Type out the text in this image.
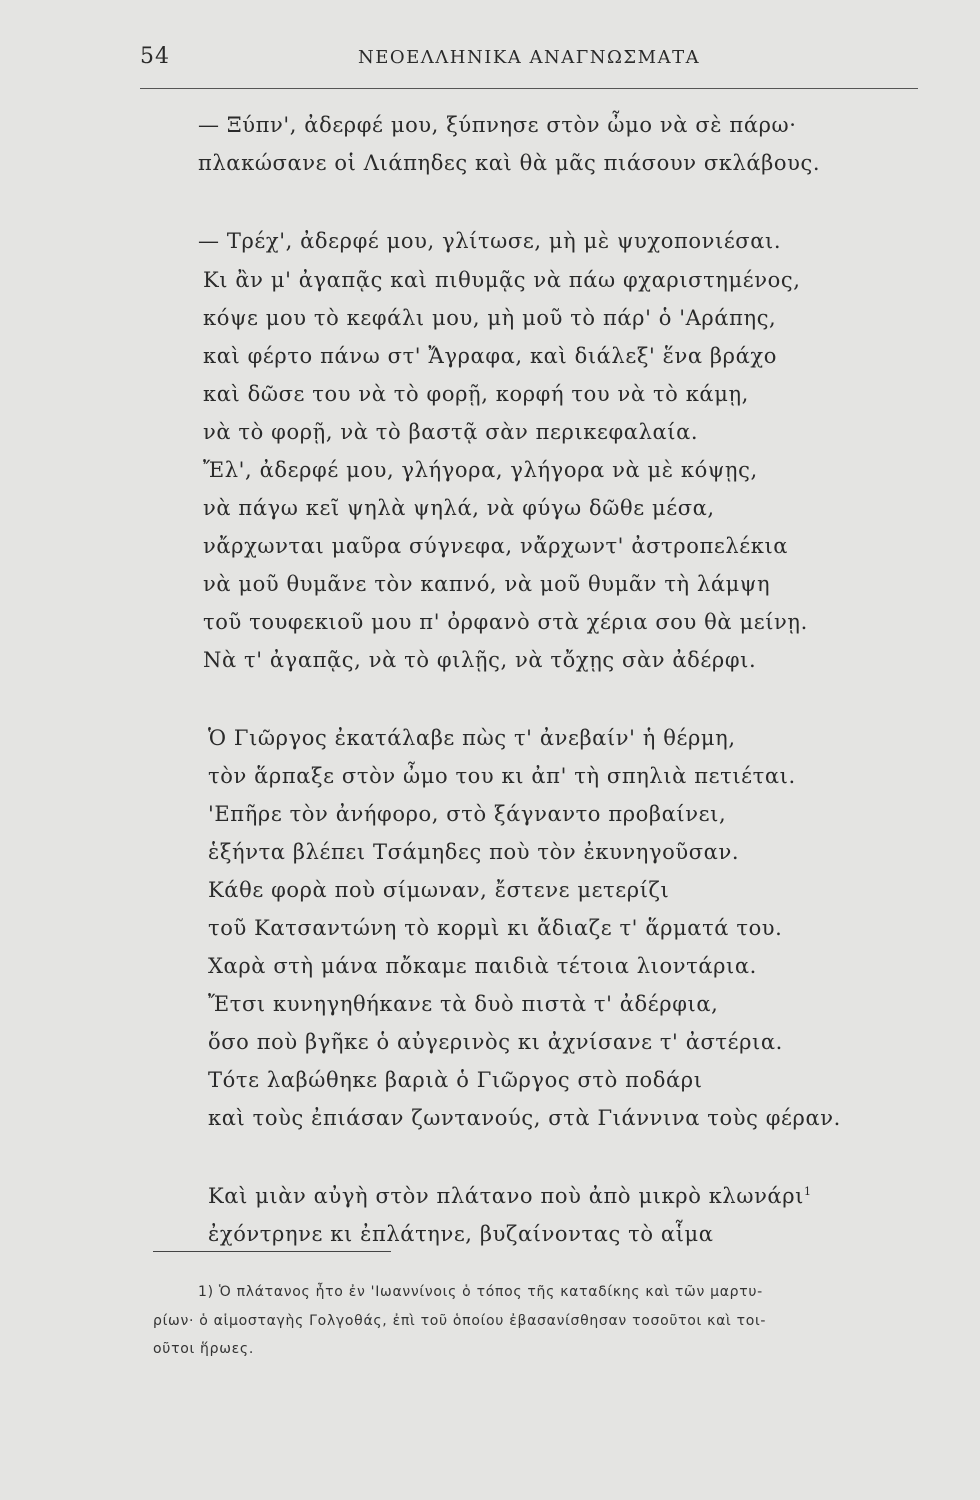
54	ΝΕΟΕΛΛΗΝΙΚΑ ΑΝΑΓΝΩΣΜΑΤΑ
— Ξύπν', ἀδερφέ μου, ξύπνησε στὸν ὦμο νὰ σὲ πάρω·
πλακώσανε οἱ Λιάπηδες καὶ θὰ μᾶς πιάσουν σκλάβους.
— Τρέχ', ἀδερφέ μου, γλίτωσε, μὴ μὲ ψυχοπονιέσαι.
Κι ἂν μ' ἀγαπᾷς καὶ πιθυμᾷς νὰ πάω φχαριστημένος,
κόψε μου τὸ κεφάλι μου, μὴ μοῦ τὸ πάρ' ὁ 'Αράπης,
καὶ φέρτο πάνω στ' Ἄγραφα, καὶ διάλεξ' ἕνα βράχο
καὶ δῶσε του νὰ τὸ φορῇ, κορφή του νὰ τὸ κάμῃ,
νὰ τὸ φορῇ, νὰ τὸ βαστᾷ σὰν περικεφαλαία.
Ἔλ', ἀδερφέ μου, γλήγορα, γλήγορα νὰ μὲ κόψῃς,
νὰ πάγω κεῖ ψηλὰ ψηλά, νὰ φύγω δῶθε μέσα,
νἄρχωνται μαῦρα σύγνεφα, νἄρχωντ' ἀστροπελέκια
νὰ μοῦ θυμᾶνε τὸν καπνό, νὰ μοῦ θυμᾶν τὴ λάμψη
τοῦ τουφεκιοῦ μου π' ὀρφανὸ στὰ χέρια σου θὰ μείνῃ.
Νὰ τ' ἀγαπᾷς, νὰ τὸ φιλῇς, νὰ τὄχῃς σὰν ἀδέρφι.
Ὁ Γιῶργος ἐκατάλαβε πὼς τ' ἀνεβαίν' ἡ θέρμη,
τὸν ἅρπαξε στὸν ὦμο του κι ἀπ' τὴ σπηλιὰ πετιέται.
'Επῆρε τὸν ἀνήφορο, στὸ ξάγναντο προβαίνει,
ἑξήντα βλέπει Τσάμηδες ποὺ τὸν ἐκυνηγοῦσαν.
Κάθε φορὰ ποὺ σίμωναν, ἔστενε μετερίζι
τοῦ Κατσαντώνη τὸ κορμὶ κι ἄδιαζε τ' ἅρματά του.
Χαρὰ στὴ μάνα πὄκαμε παιδιὰ τέτοια λιοντάρια.
Ἔτσι κυνηγηθήκανε τὰ δυὸ πιστὰ τ' ἀδέρφια,
ὅσο ποὺ βγῆκε ὁ αὐγερινὸς κι ἀχνίσανε τ' ἀστέρια.
Τότε λαβώθηκε βαριὰ ὁ Γιῶργος στὸ ποδάρι
καὶ τοὺς ἐπιάσαν ζωντανούς, στὰ Γιάννινα τοὺς φέραν.
Καὶ μιὰν αὐγὴ στὸν πλάτανο ποὺ ἀπὸ μικρὸ κλωνάρι$^1$
ἐχόντρηνε κι ἐπλάτηνε, βυζαίνοντας τὸ αἷμα
1) Ὁ πλάτανος ἦτο ἐν 'Ιωαννίνοις ὁ τόπος τῆς καταδίκης καὶ τῶν μαρτυ-
ρίων· ὁ αἱμοσταγὴς Γολγοθάς, ἐπὶ τοῦ ὁποίου ἐβασανίσθησαν τοσοῦτοι καὶ τοι-
οῦτοι ἥρωες.
